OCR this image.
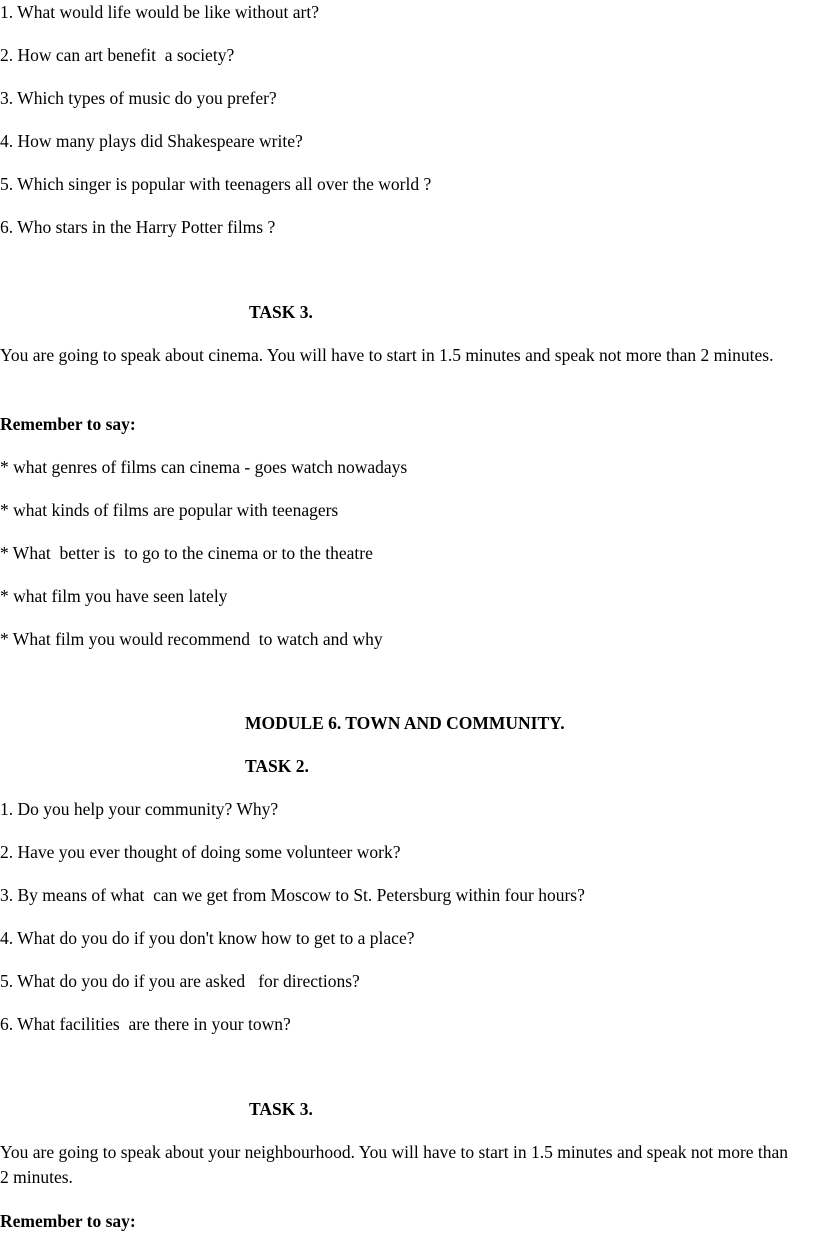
1. What would life would be like without art?
2. How can art benefit  a society?
3. Which types of music do you prefer?
4. How many plays did Shakespeare write?
5. Which singer is popular with teenagers all over the world ?
6. Who stars in the Harry Potter films ?
TASK 3.
You are going to speak about cinema. You will have to start in 1.5 minutes and speak not more than 2 minutes.
Remember to say:
* what genres of films can cinema - goes watch nowadays
* what kinds of films are popular with teenagers
* What  better is  to go to the cinema or to the theatre
* what film you have seen lately
* What film you would recommend  to watch and why
MODULE 6. TOWN AND COMMUNITY.
TASK 2.
1. Do you help your community? Why?
2. Have you ever thought of doing some volunteer work?
3. By means of what  can we get from Moscow to St. Petersburg within four hours?
4. What do you do if you don't know how to get to a place?
5. What do you do if you are asked   for directions?
6. What facilities  are there in your town?
TASK 3.
You are going to speak about your neighbourhood. You will have to start in 1.5 minutes and speak not more than 2 minutes.
Remember to say:
